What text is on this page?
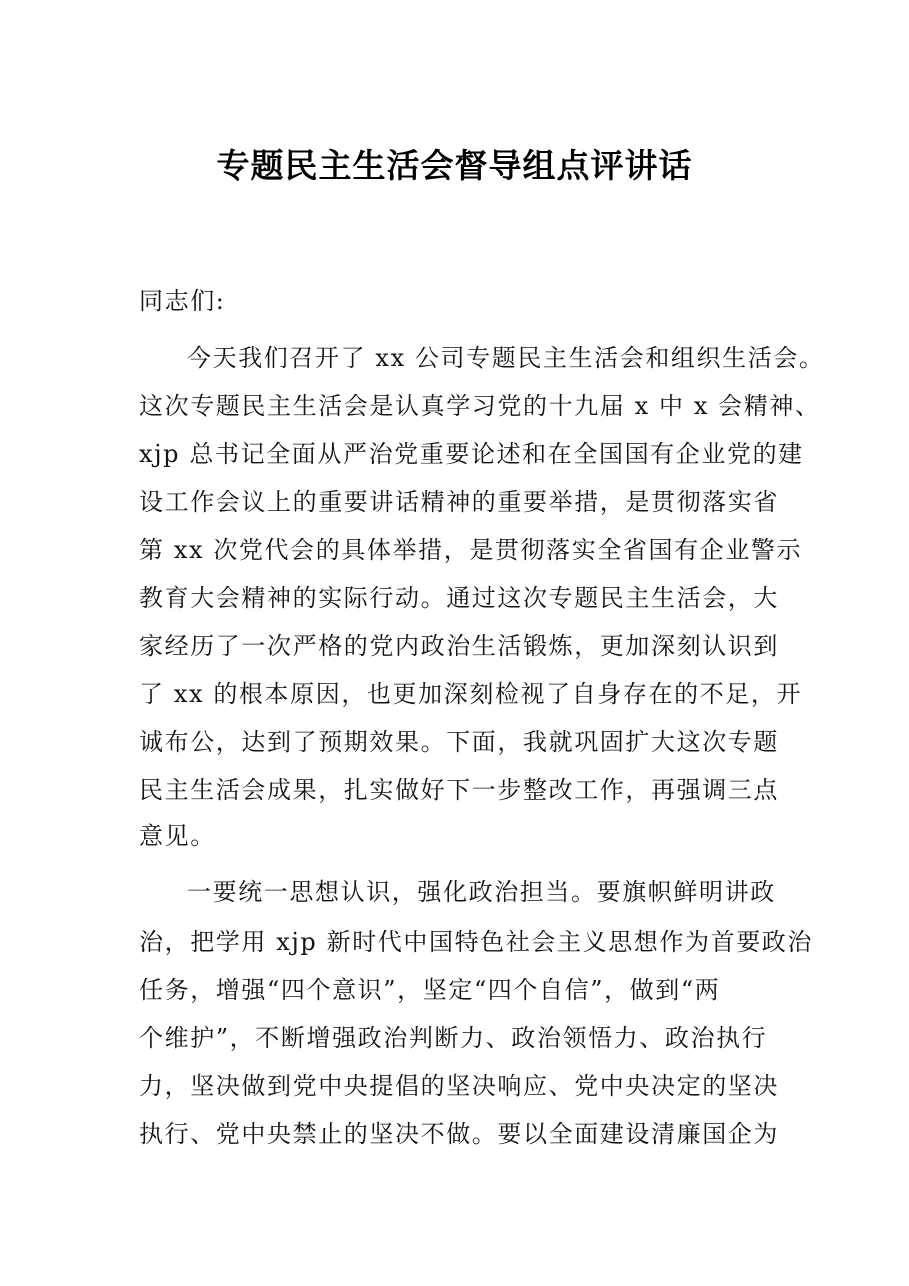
专题民主生活会督导组点评讲话
同志们:
今天我们召开了 xx 公司专题民主生活会和组织生活会。
这次专题民主生活会是认真学习党的十九届 x 中 x 会精神、
xjp 总书记全面从严治党重要论述和在全国国有企业党的建
设工作会议上的重要讲话精神的重要举措，是贯彻落实省
第 xx 次党代会的具体举措，是贯彻落实全省国有企业警示
教育大会精神的实际行动。通过这次专题民主生活会，大
家经历了一次严格的党内政治生活锻炼，更加深刻认识到
了 xx 的根本原因，也更加深刻检视了自身存在的不足，开
诚布公，达到了预期效果。下面，我就巩固扩大这次专题
民主生活会成果，扎实做好下一步整改工作，再强调三点
意见。
一要统一思想认识，强化政治担当。要旗帜鲜明讲政
治，把学用 xjp 新时代中国特色社会主义思想作为首要政治
任务，增强“四个意识”，坚定“四个自信”，做到“两
个维护”，不断增强政治判断力、政治领悟力、政治执行
力，坚决做到党中央提倡的坚决响应、党中央决定的坚决
执行、党中央禁止的坚决不做。要以全面建设清廉国企为
